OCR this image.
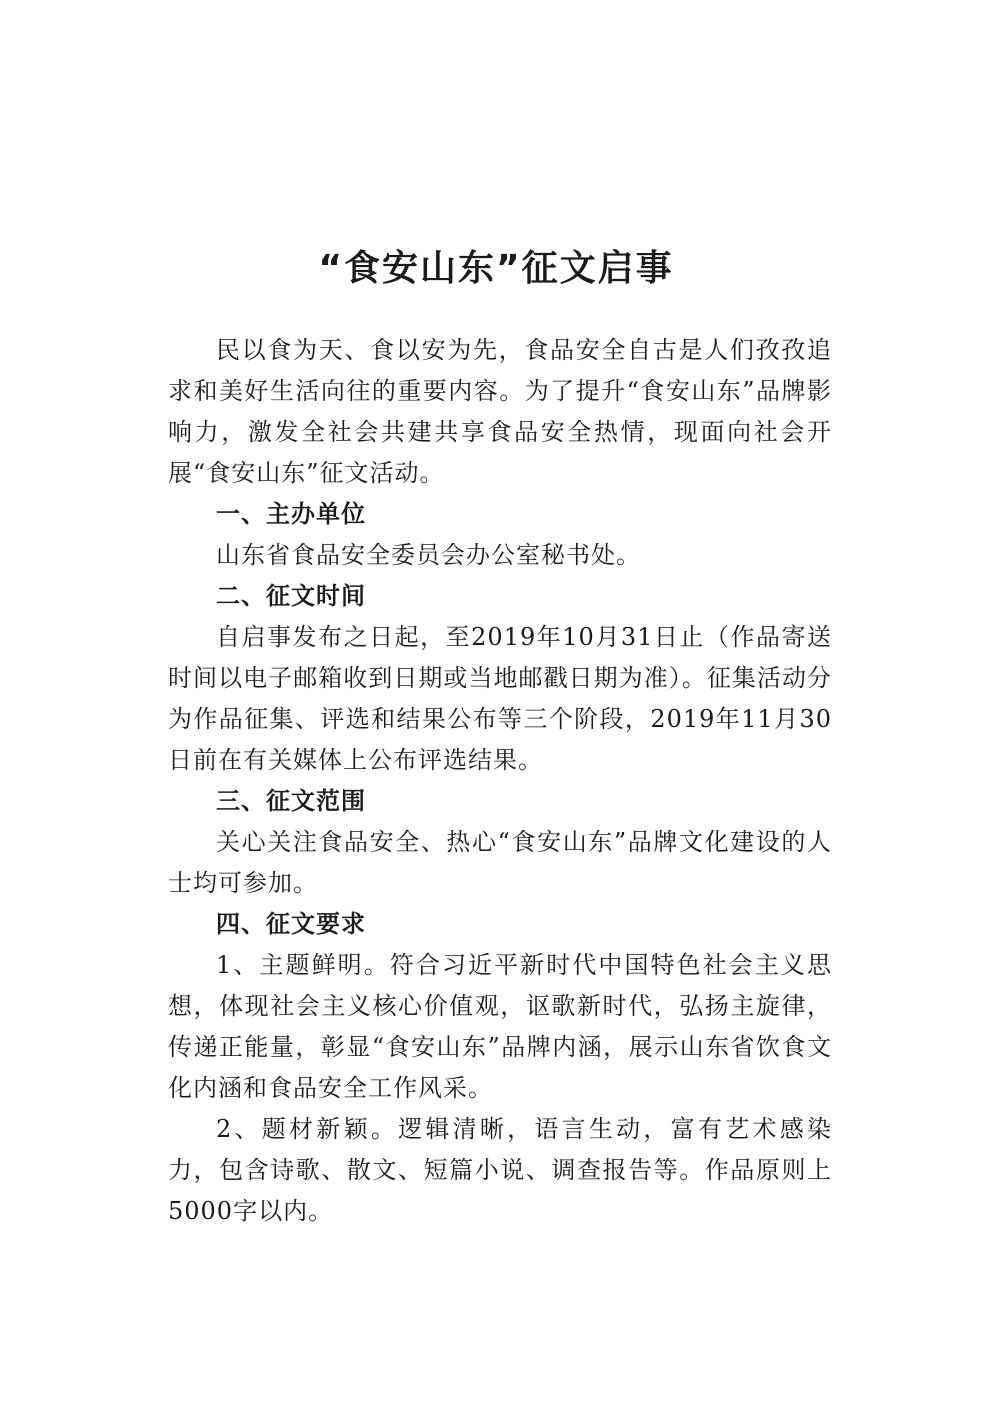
“食安山东”征文启事

民以食为天、食以安为先，食品安全自古是人们孜孜追求和美好生活向往的重要内容。为了提升“食安山东”品牌影响力，激发全社会共建共享食品安全热情，现面向社会开展“食安山东”征文活动。

一、主办单位

山东省食品安全委员会办公室秘书处。

二、征文时间

自启事发布之日起，至2019年10月31日止（作品寄送时间以电子邮箱收到日期或当地邮戳日期为准）。征集活动分为作品征集、评选和结果公布等三个阶段，2019年11月30日前在有关媒体上公布评选结果。

三、征文范围

关心关注食品安全、热心“食安山东”品牌文化建设的人士均可参加。

四、征文要求

1、主题鲜明。符合习近平新时代中国特色社会主义思想，体现社会主义核心价值观，讴歌新时代，弘扬主旋律，传递正能量，彰显“食安山东”品牌内涵，展示山东省饮食文化内涵和食品安全工作风采。

2、题材新颖。逻辑清晰，语言生动，富有艺术感染力，包含诗歌、散文、短篇小说、调查报告等。作品原则上5000字以内。
